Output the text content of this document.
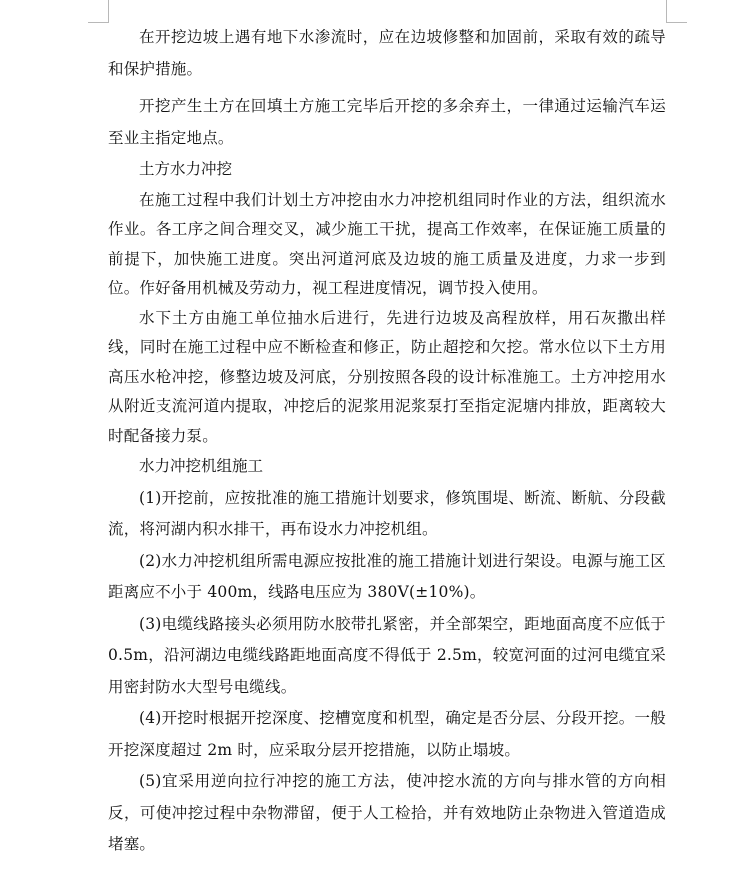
在开挖边坡上遇有地下水渗流时，应在边坡修整和加固前，采取有效的疏导和保护措施。

开挖产生土方在回填土方施工完毕后开挖的多余弃土，一律通过运输汽车运至业主指定地点。

土方水力冲挖

在施工过程中我们计划土方冲挖由水力冲挖机组同时作业的方法，组织流水作业。各工序之间合理交叉，减少施工干扰，提高工作效率，在保证施工质量的前提下，加快施工进度。突出河道河底及边坡的施工质量及进度，力求一步到位。作好备用机械及劳动力，视工程进度情况，调节投入使用。

水下土方由施工单位抽水后进行，先进行边坡及高程放样，用石灰撒出样线，同时在施工过程中应不断检查和修正，防止超挖和欠挖。常水位以下土方用高压水枪冲挖，修整边坡及河底，分别按照各段的设计标准施工。土方冲挖用水从附近支流河道内提取，冲挖后的泥浆用泥浆泵打至指定泥塘内排放，距离较大时配备接力泵。

水力冲挖机组施工

(1)开挖前，应按批准的施工措施计划要求，修筑围堤、断流、断航、分段截流，将河湖内积水排干，再布设水力冲挖机组。

(2)水力冲挖机组所需电源应按批准的施工措施计划进行架设。电源与施工区距离应不小于 400m，线路电压应为 380V(±10%)。

(3)电缆线路接头必须用防水胶带扎紧密，并全部架空，距地面高度不应低于 0.5m，沿河湖边电缆线路距地面高度不得低于 2.5m，较宽河面的过河电缆宜采用密封防水大型号电缆线。

(4)开挖时根据开挖深度、挖槽宽度和机型，确定是否分层、分段开挖。一般开挖深度超过 2m 时，应采取分层开挖措施，以防止塌坡。

(5)宜采用逆向拉行冲挖的施工方法，使冲挖水流的方向与排水管的方向相反，可使冲挖过程中杂物滞留，便于人工检拾，并有效地防止杂物进入管道造成堵塞。
